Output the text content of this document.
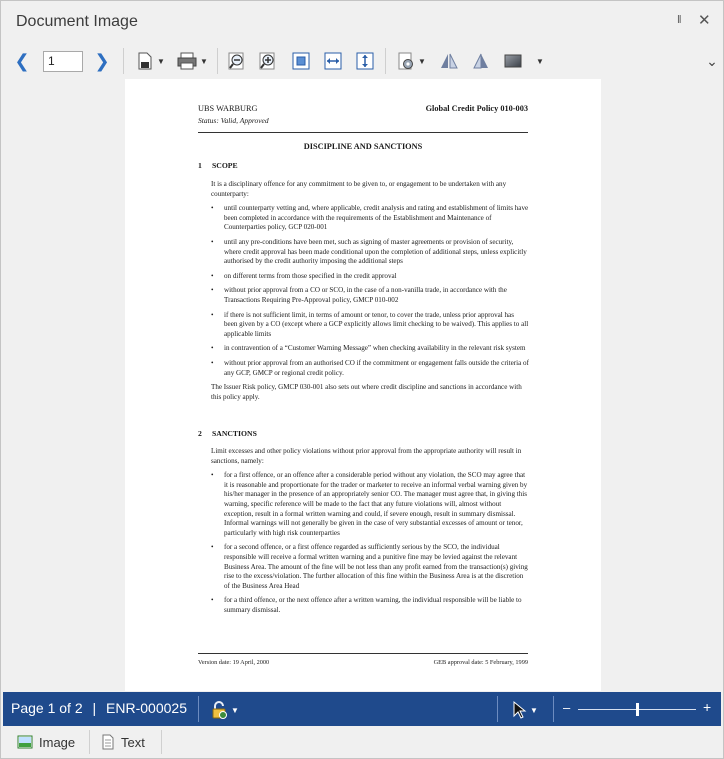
Document Image	‖ ✕
❮	1	❯	▼	▼	▼	▼	⌄
UBS WARBURG
Status: Valid, Approved
Global Credit Policy 010-003
DISCIPLINE AND SANCTIONS
1 SCOPE

It is a disciplinary offence for any commitment to be given to, or engagement to be undertaken with any counterparty:

• until counterparty vetting and, where applicable, credit analysis and rating and establishment of limits have been completed in accordance with the requirements of the Establishment and Maintenance of Counterparties policy, GCP 020-001
• until any pre-conditions have been met, such as signing of master agreements or provision of security, where credit approval has been made conditional upon the completion of additional steps, unless explicitly authorised by the credit authority imposing the additional steps
• on different terms from those specified in the credit approval
• without prior approval from a CO or SCO, in the case of a non-vanilla trade, in accordance with the Transactions Requiring Pre-Approval policy, GMCP 010-002
• if there is not sufficient limit, in terms of amount or tenor, to cover the trade, unless prior approval has been given by a CO (except where a GCP explicitly allows limit checking to be waived). This applies to all applicable limits
• in contravention of a “Customer Warning Message” when checking availability in the relevant risk system
• without prior approval from an authorised CO if the commitment or engagement falls outside the criteria of any GCP, GMCP or regional credit policy.

The Issuer Risk policy, GMCP 030-001 also sets out where credit discipline and sanctions in accordance with this policy apply.

2 SANCTIONS

Limit excesses and other policy violations without prior approval from the appropriate authority will result in sanctions, namely:

• for a first offence, or an offence after a considerable period without any violation, the SCO may agree that it is reasonable and proportionate for the trader or marketer to receive an informal verbal warning given by his/her manager in the presence of an appropriately senior CO. The manager must agree that, in giving this warning, specific reference will be made to the fact that any future violations will, almost without exception, result in a formal written warning and could, if severe enough, result in summary dismissal. Informal warnings will not generally be given in the case of very substantial excesses of amount or tenor, particularly with high risk counterparties
• for a second offence, or a first offence regarded as sufficiently serious by the SCO, the individual responsible will receive a formal written warning and a punitive fine may be levied against the relevant Business Area. The amount of the fine will be not less than any profit earned from the transaction(s) giving rise to the excess/violation. The further allocation of this fine within the Business Area is at the discretion of the Business Area Head
• for a third offence, or the next offence after a written warning, the individual responsible will be liable to summary dismissal.
Version date: 19 April, 2000	GEB approval date: 5 February, 1999
Page 1 of 2 | ENR-000025	▼	▼ –	+
Image	Text
